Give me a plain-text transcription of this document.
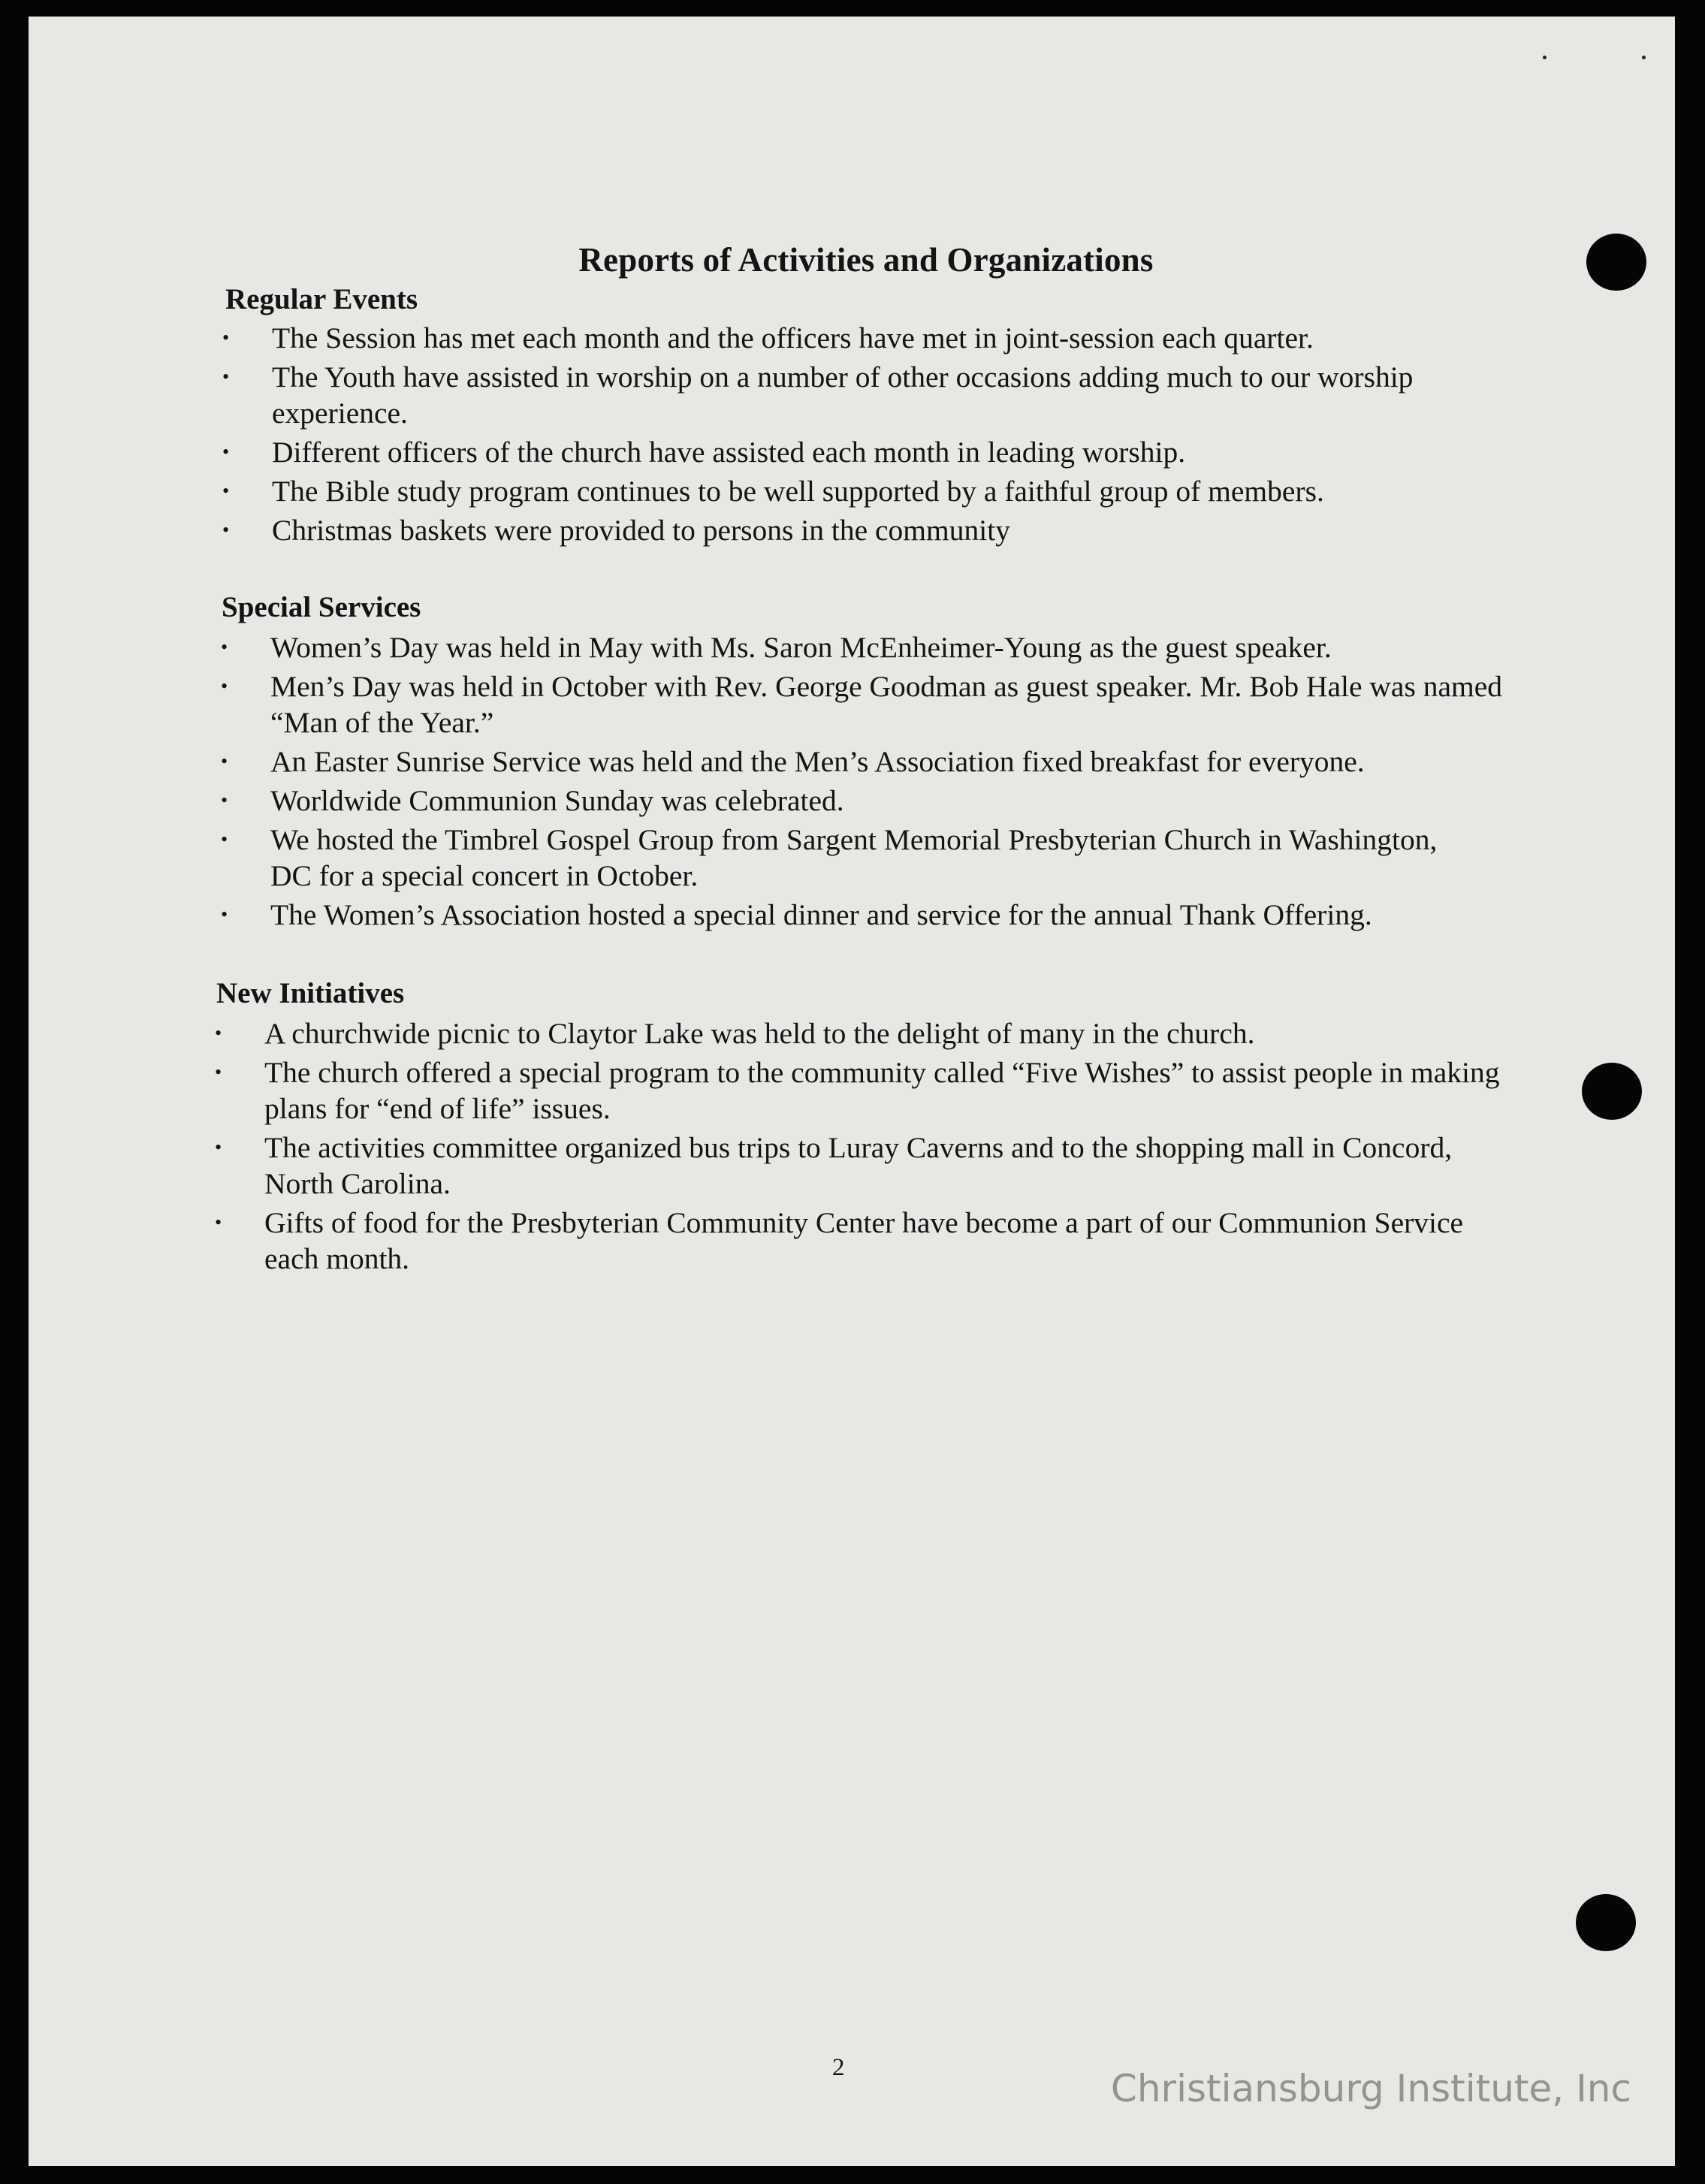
Reports of Activities and Organizations
Regular Events
• The Session has met each month and the officers have met in joint-session each quarter.
• The Youth have assisted in worship on a number of other occasions adding much to our worship experience.
• Different officers of the church have assisted each month in leading worship.
• The Bible study program continues to be well supported by a faithful group of members.
• Christmas baskets were provided to persons in the community
Special Services
• Women’s Day was held in May with Ms. Saron McEnheimer-Young as the guest speaker.
• Men’s Day was held in October with Rev. George Goodman as guest speaker. Mr. Bob Hale was named “Man of the Year.”
• An Easter Sunrise Service was held and the Men’s Association fixed breakfast for everyone.
• Worldwide Communion Sunday was celebrated.
• We hosted the Timbrel Gospel Group from Sargent Memorial Presbyterian Church in Washington, DC for a special concert in October.
• The Women’s Association hosted a special dinner and service for the annual Thank Offering.
New Initiatives
• A churchwide picnic to Claytor Lake was held to the delight of many in the church.
• The church offered a special program to the community called “Five Wishes” to assist people in making plans for “end of life” issues.
• The activities committee organized bus trips to Luray Caverns and to the shopping mall in Concord, North Carolina.
• Gifts of food for the Presbyterian Community Center have become a part of our Communion Service each month.
2	Christiansburg Institute, Inc
